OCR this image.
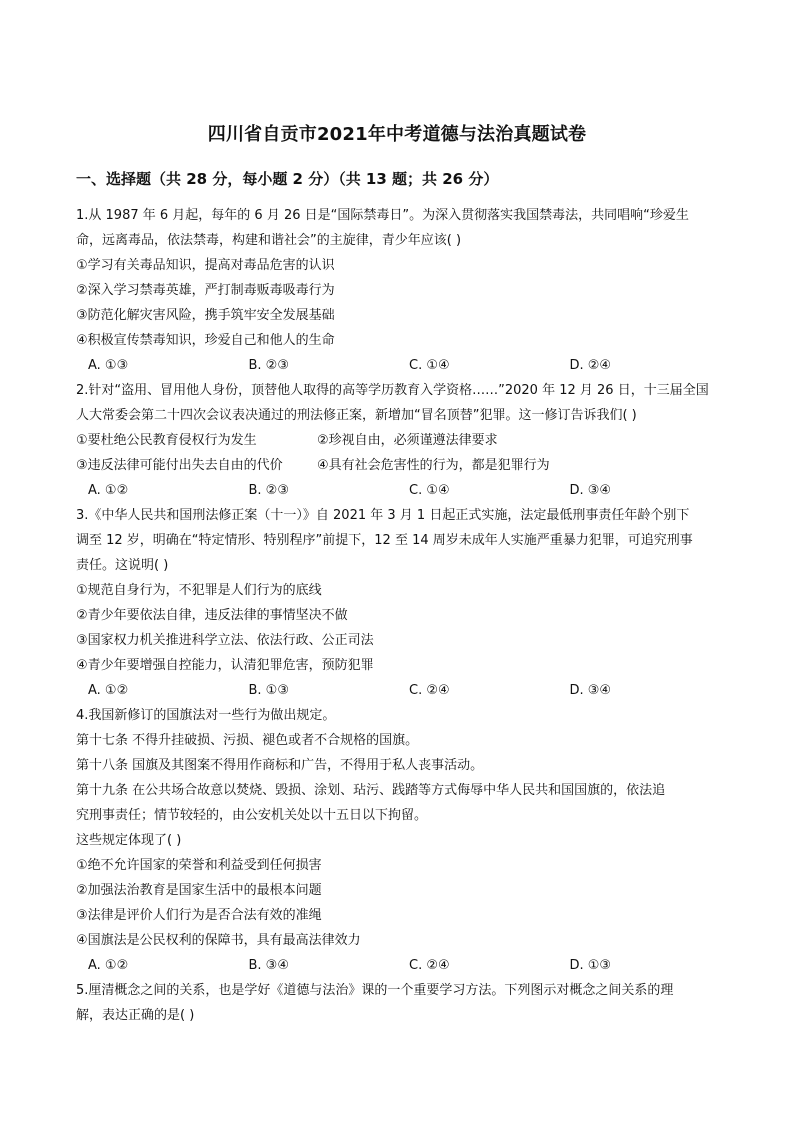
四川省自贡市2021年中考道德与法治真题试卷
一、选择题（共 28 分，每小题 2 分）（共 13 题；共 26 分）
1.从 1987 年 6 月起，每年的 6 月 26 日是“国际禁毒日”。为深入贯彻落实我国禁毒法，共同唱响“珍爱生
命，远离毒品，依法禁毒，构建和谐社会”的主旋律，青少年应该( )
①学习有关毒品知识，提高对毒品危害的认识
②深入学习禁毒英雄，严打制毒贩毒吸毒行为
③防范化解灾害风险，携手筑牢安全发展基础
④积极宣传禁毒知识，珍爱自己和他人的生命
A. ①③	B. ②③	C. ①④	D. ②④
2.针对“盗用、冒用他人身份，顶替他人取得的高等学历教育入学资格……”2020 年 12 月 26 日，十三届全国
人大常委会第二十四次会议表决通过的刑法修正案，新增加“冒名顶替”犯罪。这一修订告诉我们( )
①要杜绝公民教育侵权行为发生	②珍视自由，必须谨遵法律要求
③违反法律可能付出失去自由的代价	④具有社会危害性的行为，都是犯罪行为
A. ①②	B. ②③	C. ①④	D. ③④
3.《中华人民共和国刑法修正案（十一）》自 2021 年 3 月 1 日起正式实施，法定最低刑事责任年龄个别下
调至 12 岁，明确在“特定情形、特别程序”前提下，12 至 14 周岁未成年人实施严重暴力犯罪，可追究刑事
责任。这说明( )
①规范自身行为，不犯罪是人们行为的底线
②青少年要依法自律，违反法律的事情坚决不做
③国家权力机关推进科学立法、依法行政、公正司法
④青少年要增强自控能力，认清犯罪危害，预防犯罪
A. ①②	B. ①③	C. ②④	D. ③④
4.我国新修订的国旗法对一些行为做出规定。
第十七条 不得升挂破损、污损、褪色或者不合规格的国旗。
第十八条 国旗及其图案不得用作商标和广告，不得用于私人丧事活动。
第十九条 在公共场合故意以焚烧、毁损、涂划、玷污、践踏等方式侮辱中华人民共和国国旗的，依法追
究刑事责任；情节较轻的，由公安机关处以十五日以下拘留。
这些规定体现了( )
①绝不允许国家的荣誉和利益受到任何损害
②加强法治教育是国家生活中的最根本问题
③法律是评价人们行为是否合法有效的准绳
④国旗法是公民权利的保障书，具有最高法律效力
A. ①②	B. ③④	C. ②④	D. ①③
5.厘清概念之间的关系，也是学好《道德与法治》课的一个重要学习方法。下列图示对概念之间关系的理
解，表达正确的是( )
